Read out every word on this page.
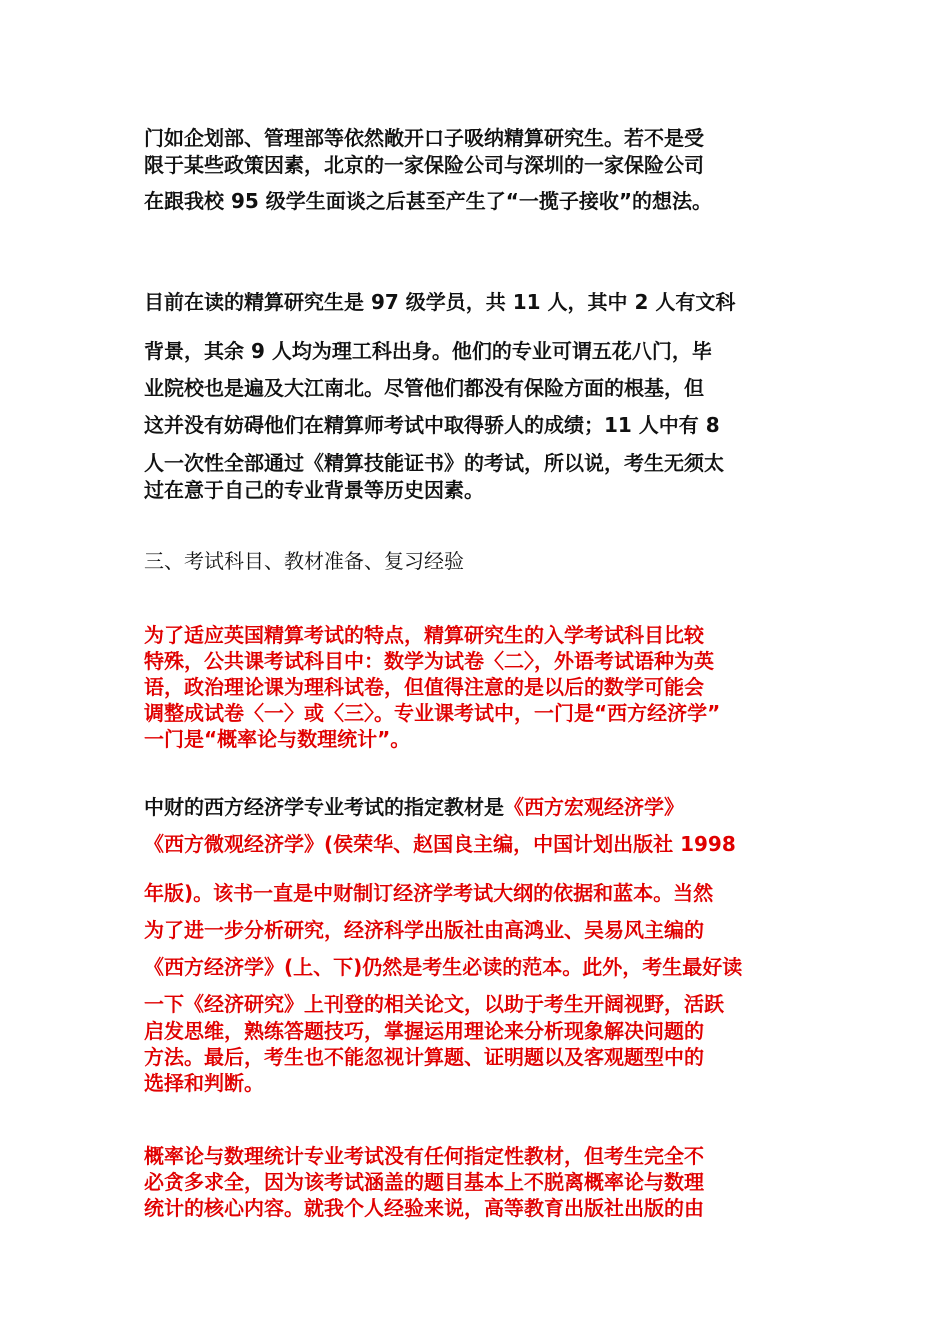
门如企划部、管理部等依然敞开口子吸纳精算研究生。若不是受
限于某些政策因素，北京的一家保险公司与深圳的一家保险公司
在跟我校 95 级学生面谈之后甚至产生了“一揽子接收”的想法。
目前在读的精算研究生是 97 级学员，共 11 人，其中 2 人有文科
背景，其余 9 人均为理工科出身。他们的专业可谓五花八门，毕
业院校也是遍及大江南北。尽管他们都没有保险方面的根基，但
这并没有妨碍他们在精算师考试中取得骄人的成绩；11 人中有 8
人一次性全部通过《精算技能证书》的考试，所以说，考生无须太
过在意于自己的专业背景等历史因素。
三、考试科目、教材准备、复习经验
为了适应英国精算考试的特点，精算研究生的入学考试科目比较
特殊，公共课考试科目中：数学为试卷〈二〉，外语考试语种为英
语，政治理论课为理科试卷，但值得注意的是以后的数学可能会
调整成试卷〈一〉或〈三〉。专业课考试中，一门是“西方经济学”
一门是“概率论与数理统计”。
中财的西方经济学专业考试的指定教材是《西方宏观经济学》
《西方微观经济学》(侯荣华、赵国良主编，中国计划出版社 1998
年版)。该书一直是中财制订经济学考试大纲的依据和蓝本。当然
为了进一步分析研究，经济科学出版社由高鸿业、吴易风主编的
《西方经济学》(上、下)仍然是考生必读的范本。此外，考生最好读
一下《经济研究》上刊登的相关论文，以助于考生开阔视野，活跃
启发思维，熟练答题技巧，掌握运用理论来分析现象解决问题的
方法。最后，考生也不能忽视计算题、证明题以及客观题型中的
选择和判断。
概率论与数理统计专业考试没有任何指定性教材，但考生完全不
必贪多求全，因为该考试涵盖的题目基本上不脱离概率论与数理
统计的核心内容。就我个人经验来说，高等教育出版社出版的由
